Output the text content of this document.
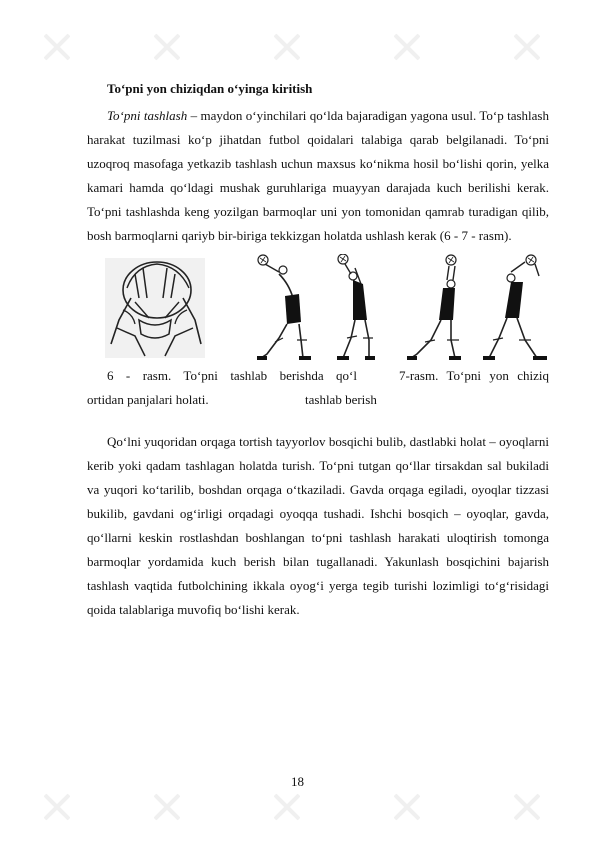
To‘pni yon chiziqdan o‘yinga kiritish

To‘pni tashlash – maydon o‘yinchilari qo‘lda bajaradigan yagona usul. To‘p tashlash harakat tuzilmasi ko‘p jihatdan futbol qoidalari talabiga qarab belgilanadi. To‘pni uzoqroq masofaga yetkazib tashlash uchun maxsus ko‘nikma hosil bo‘lishi qorin, yelka kamari hamda qo‘ldagi mushak guruhlariga muayyan darajada kuch berilishi kerak. To‘pni tashlashda keng yozilgan barmoqlar uni yon tomonidan qamrab turadigan qilib, bosh barmoqlarni qariyb bir-biriga tekkizgan holatda ushlash kerak (6 - 7 - rasm).

6 - rasm. To‘pni tashlab berishda qo‘l
ortidan panjalari holati.	tashlab berish
7-rasm. To‘pni yon chiziq

Qo‘lni yuqoridan orqaga tortish tayyorlov bosqichi bulib, dastlabki holat – oyoqlarni kerib yoki qadam tashlagan holatda turish. To‘pni tutgan qo‘llar tirsakdan sal bukiladi va yuqori ko‘tarilib, boshdan orqaga o‘tkaziladi. Gavda orqaga egiladi, oyoqlar tizzasi bukilib, gavdani og‘irligi orqadagi oyoqqa tushadi. Ishchi bosqich – oyoqlar, gavda, qo‘llarni keskin rostlashdan boshlangan to‘pni tashlash harakati uloqtirish tomonga barmoqlar yordamida kuch berish bilan tugallanadi. Yakunlash bosqichini bajarish tashlash vaqtida futbolchining ikkala oyog‘i yerga tegib turishi lozimligi to‘g‘risidagi qoida talablariga muvofiq bo‘lishi kerak.

18
